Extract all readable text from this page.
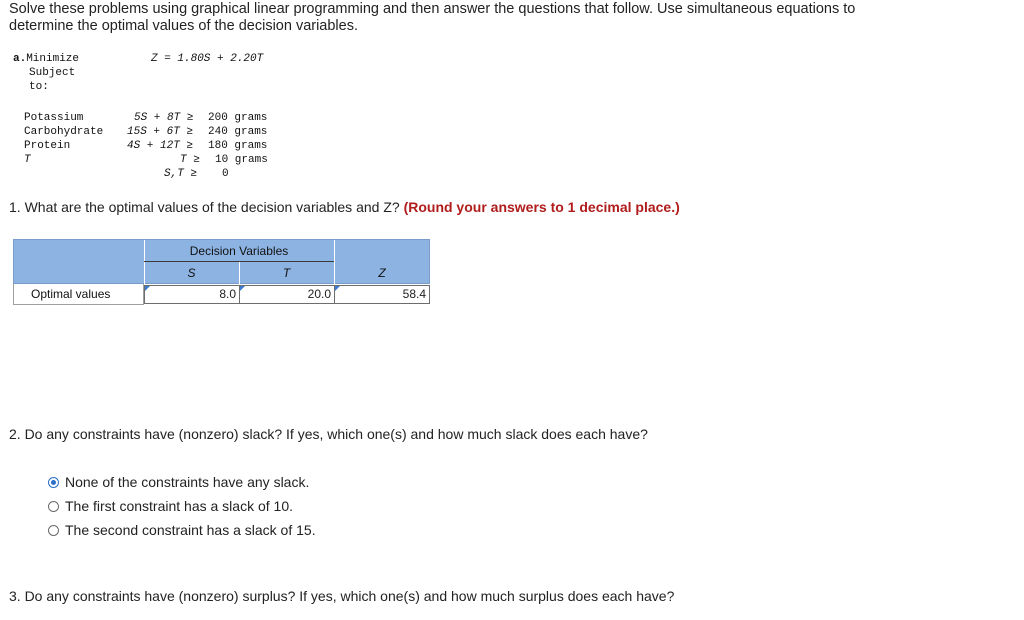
Solve these problems using graphical linear programming and then answer the questions that follow. Use simultaneous equations to determine the optimal values of the decision variables.
a.Minimize	Z = 1.80S + 2.20T
Subject
to:
Potassium	5S + 8T ≥ 200 grams
Carbohydrate 15S + 6T ≥ 240 grams
Protein	4S + 12T ≥ 180 grams
T	T ≥ 10 grams
S,T ≥ 0
1. What are the optimal values of the decision variables and Z? (Round your answers to 1 decimal place.)
Decision Variables
S	T	Z
Optimal values	8.0	20.0	58.4
2. Do any constraints have (nonzero) slack? If yes, which one(s) and how much slack does each have?
None of the constraints have any slack.
The first constraint has a slack of 10.
The second constraint has a slack of 15.
3. Do any constraints have (nonzero) surplus? If yes, which one(s) and how much surplus does each have?
